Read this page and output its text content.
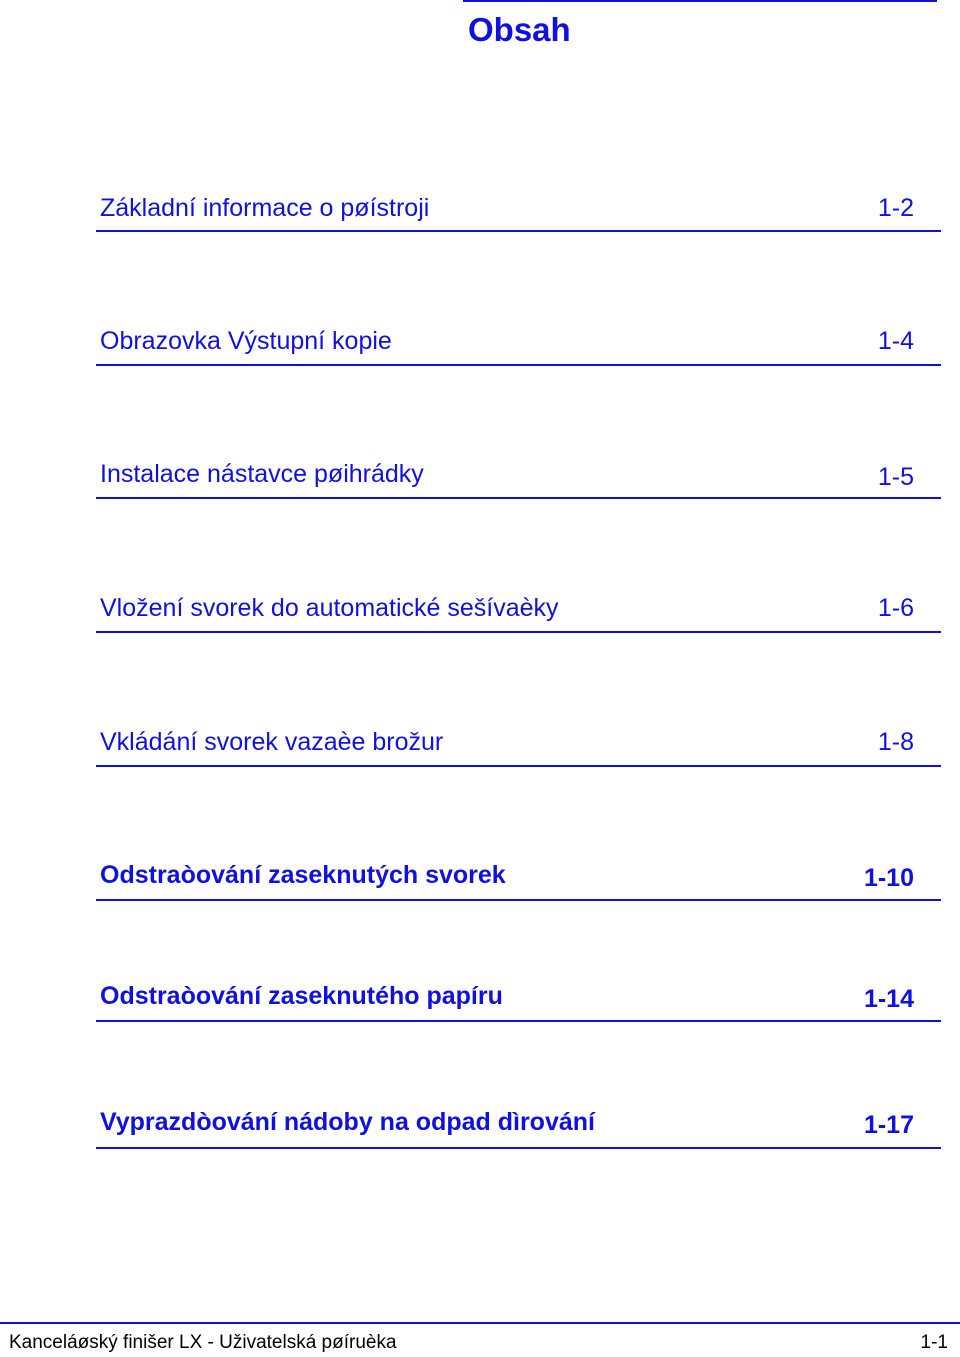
Obsah
Základní informace o pøístroji	1-2
Obrazovka Výstupní kopie	1-4
Instalace nástavce pøihrádky	1-5
Vložení svorek do automatické sešívaèky	1-6
Vkládání svorek vazaèe brožur	1-8
Odstraòování zaseknutých svorek	1-10
Odstraòování zaseknutého papíru	1-14
Vyprazdòování nádoby na odpad dìrování	1-17
Kanceláøský finišer LX - Uživatelská pøíruèka	1-1
